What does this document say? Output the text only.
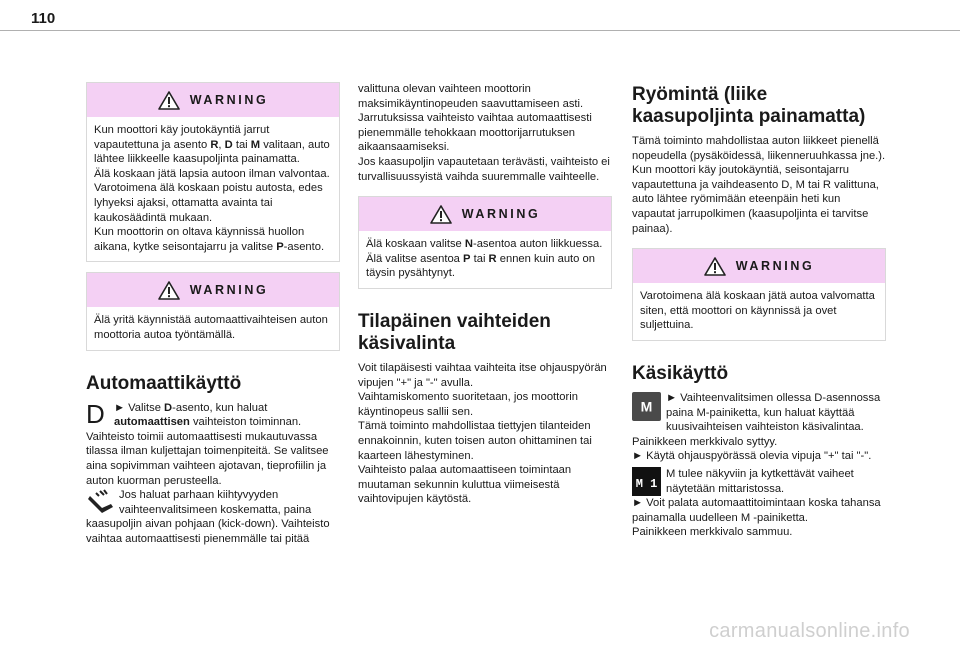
110
WARNING

Kun moottori käy joutokäyntiä jarrut vapautettuna ja asento R, D tai M valitaan, auto lähtee liikkeelle kaasupoljinta painamatta.

Älä koskaan jätä lapsia autoon ilman valvontaa.

Varotoimena älä koskaan poistu autosta, edes lyhyeksi ajaksi, ottamatta avainta tai kaukosäädintä mukaan.

Kun moottorin on oltava käynnissä huollon aikana, kytke seisontajarru ja valitse P-asento.

WARNING
Älä yritä käynnistää automaattivaihteisen auton moottoria autoa työntämällä.
Automaattikäyttö
D ► Valitse D-asento, kun haluat automaattisen vaihteiston toiminnan.

Vaihteisto toimii automaattisesti mukautuvassa tilassa ilman kuljettajan toimenpiteitä. Se valitsee aina sopivimman vaihteen ajotavan, tieprofiilin ja auton kuorman perusteella.

Jos haluat parhaan kiihtyvyyden vaihteenvalitsimeen koskematta, paina kaasupoljin aivan pohjaan (kick-down). Vaihteisto vaihtaa automaattisesti pienemmälle tai pitää

valittuna olevan vaihteen moottorin maksimikäyntinopeuden saavuttamiseen asti. Jarrutuksissa vaihteisto vaihtaa automaattisesti pienemmälle tehokkaan moottorijarrutuksen aikaansaamiseksi.
Jos kaasupoljin vapautetaan terävästi, vaihteisto ei turvallisuussyistä vaihda suuremmalle vaihteelle.

WARNING

Älä koskaan valitse N-asentoa auton liikkuessa.

Älä valitse asentoa P tai R ennen kuin auto on täysin pysähtynyt.

Tilapäinen vaihteiden käsivalinta

Voit tilapäisesti vaihtaa vaihteita itse ohjauspyörän vipujen "+" ja "-" avulla.
Vaihtamiskomento suoritetaan, jos moottorin käyntinopeus sallii sen.
Tämä toiminto mahdollistaa tiettyjen tilanteiden ennakoinnin, kuten toisen auton ohittaminen tai kaarteen lähestyminen.
Vaihteisto palaa automaattiseen toimintaan muutaman sekunnin kuluttua viimeisestä vaihtovipujen käytöstä.

Ryömintä (liike kaasupoljinta painamatta)

Tämä toiminto mahdollistaa auton liikkeet pienellä nopeudella (pysäköidessä, liikenneruuhkassa jne.).
Kun moottori käy joutokäyntiä, seisontajarru vapautettuna ja vaihdeasento D, M tai R valittuna, auto lähtee ryömimään eteenpäin heti kun vapautat jarrupolkimen (kaasupoljinta ei tarvitse painaa).

WARNING
Varotoimena älä koskaan jätä autoa valvomatta siten, että moottori on käynnissä ja ovet suljettuina.
Käsikäyttö
M

► Vaihteenvalitsimen ollessa D-asennossa paina M-painiketta, kun haluat käyttää kuusivaihteisen vaihteiston käsivalintaa.
Painikkeen merkkivalo syttyy.
► Käytä ohjauspyörässä olevia vipuja "+" tai "-".

M 1

M tulee näkyviin ja kytkettävät vaiheet näytetään mittaristossa.

► Voit palata automaattitoimintaan koska tahansa painamalla uudelleen M -painiketta.
Painikkeen merkkivalo sammuu.

carmanualsonline.info
